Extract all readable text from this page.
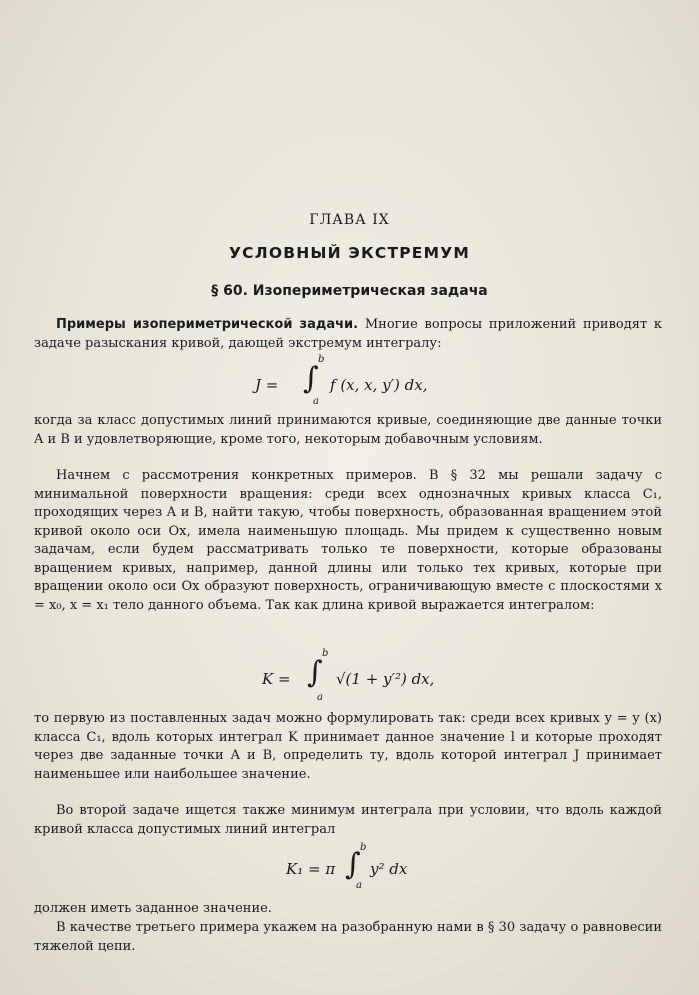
ГЛАВА IX
УСЛОВНЫЙ ЭКСТРЕМУМ
§ 60. Изопериметрическая задача
Примеры изопериметрической задачи. Многие вопросы приложений приводят к задаче разыскания кривой, дающей экстремум интегралу:
b
J = ∫ f (x, x, y′) dx,
a
когда за класс допустимых линий принимаются кривые, соединяющие две данные точки A и B и удовлетворяющие, кроме того, некоторым добавочным условиям.
Начнем с рассмотрения конкретных примеров. В § 32 мы решали задачу с минимальной поверхности вращения: среди всех однозначных кривых класса C₁, проходящих через A и B, найти такую, чтобы поверхность, образованная вращением этой кривой около оси Ox, имела наименьшую площадь. Мы придем к существенно новым задачам, если будем рассматривать только те поверхности, которые образованы вращением кривых, например, данной длины или только тех кривых, которые при вращении около оси Ox образуют поверхность, ограничивающую вместе с плоскостями x = x₀, x = x₁ тело данного объема. Так как длина кривой выражается интегралом:
b
K = ∫ √(1 + y′²) dx,
a
то первую из поставленных задач можно формулировать так: среди всех кривых y = y (x) класса C₁, вдоль которых интеграл K принимает данное значение l и которые проходят через две заданные точки A и B, определить ту, вдоль которой интеграл J принимает наименьшее или наибольшее значение.
Во второй задаче ищется также минимум интеграла при условии, что вдоль каждой кривой класса допустимых линий интеграл
b
K₁ = π ∫ y² dx
a
должен иметь заданное значение.
В качестве третьего примера укажем на разобранную нами в § 30 задачу о равновесии тяжелой цепи.
